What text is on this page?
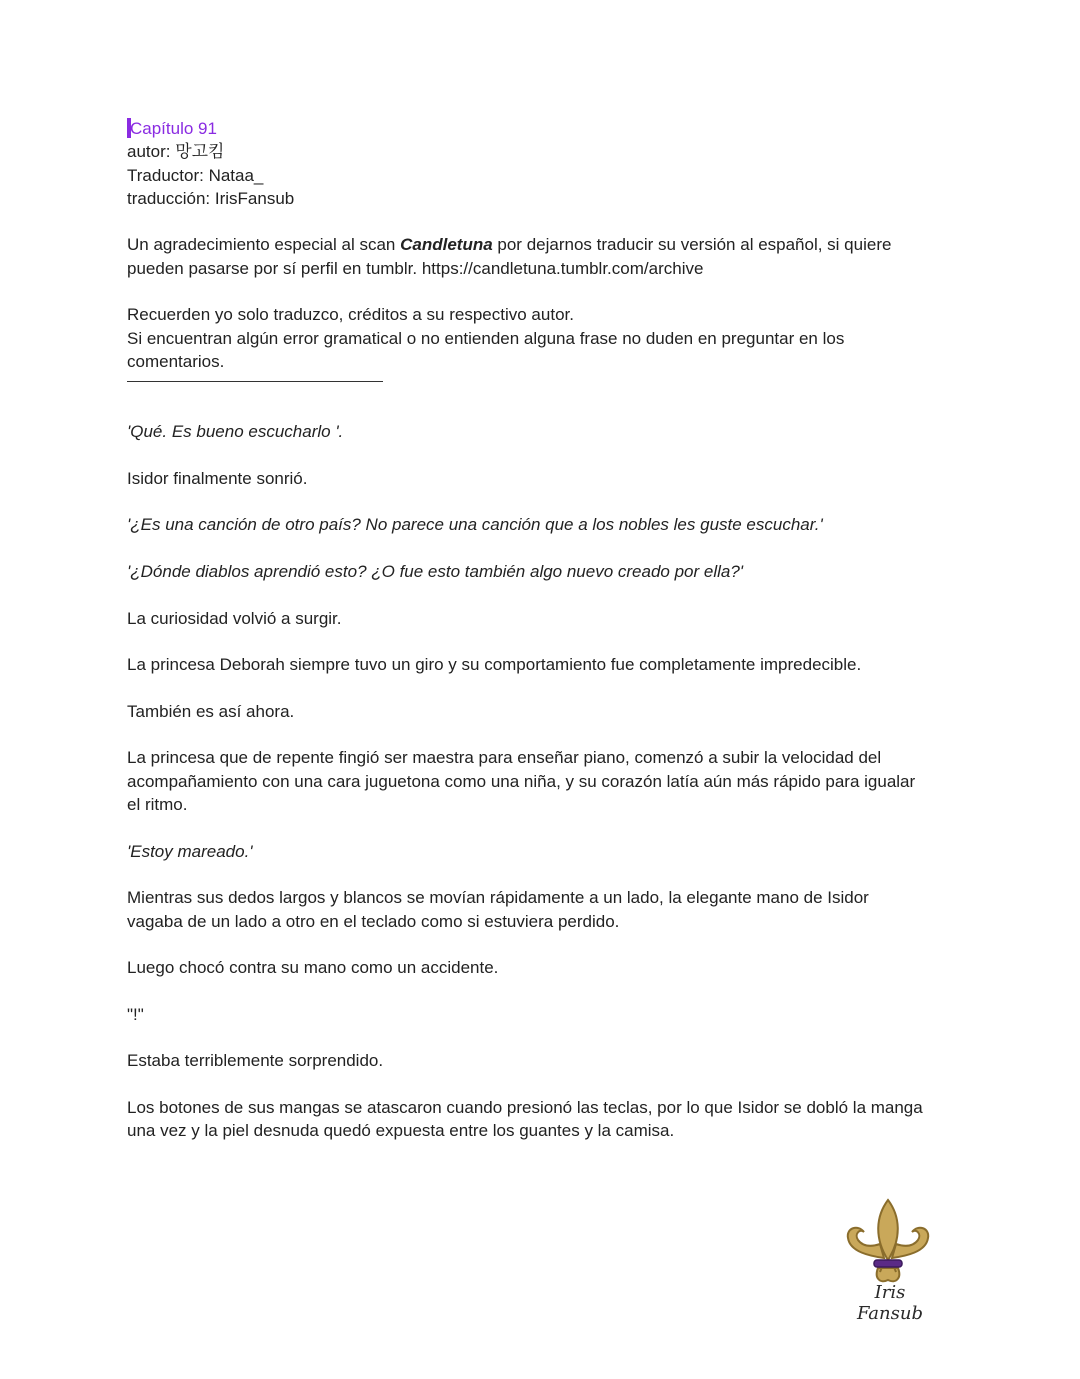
Capítulo 91

autor: 망고킴

Traductor: Nataa_

traducción: IrisFansub

Un agradecimiento especial al scan Candletuna por dejarnos traducir su versión al español, si quiere pueden pasarse por sí perfil en tumblr. https://candletuna.tumblr.com/archive

Recuerden yo solo traduzco, créditos a su respectivo autor.

Si encuentran algún error gramatical o no entienden alguna frase no duden en preguntar en los comentarios.

'Qué. Es bueno escucharlo '.

Isidor finalmente sonrió.

'¿Es una canción de otro país? No parece una canción que a los nobles les guste escuchar.'

'¿Dónde diablos aprendió esto? ¿O fue esto también algo nuevo creado por ella?'

La curiosidad volvió a surgir.

La princesa Deborah siempre tuvo un giro y su comportamiento fue completamente impredecible.

También es así ahora.

La princesa que de repente fingió ser maestra para enseñar piano, comenzó a subir la velocidad del acompañamiento con una cara juguetona como una niña, y su corazón latía aún más rápido para igualar el ritmo.

'Estoy mareado.'

Mientras sus dedos largos y blancos se movían rápidamente a un lado, la elegante mano de Isidor vagaba de un lado a otro en el teclado como si estuviera perdido.

Luego chocó contra su mano como un accidente.

"!"

Estaba terriblemente sorprendido.

Los botones de sus mangas se atascaron cuando presionó las teclas, por lo que Isidor se dobló la manga una vez y la piel desnuda quedó expuesta entre los guantes y la camisa.

Iris Fansub
